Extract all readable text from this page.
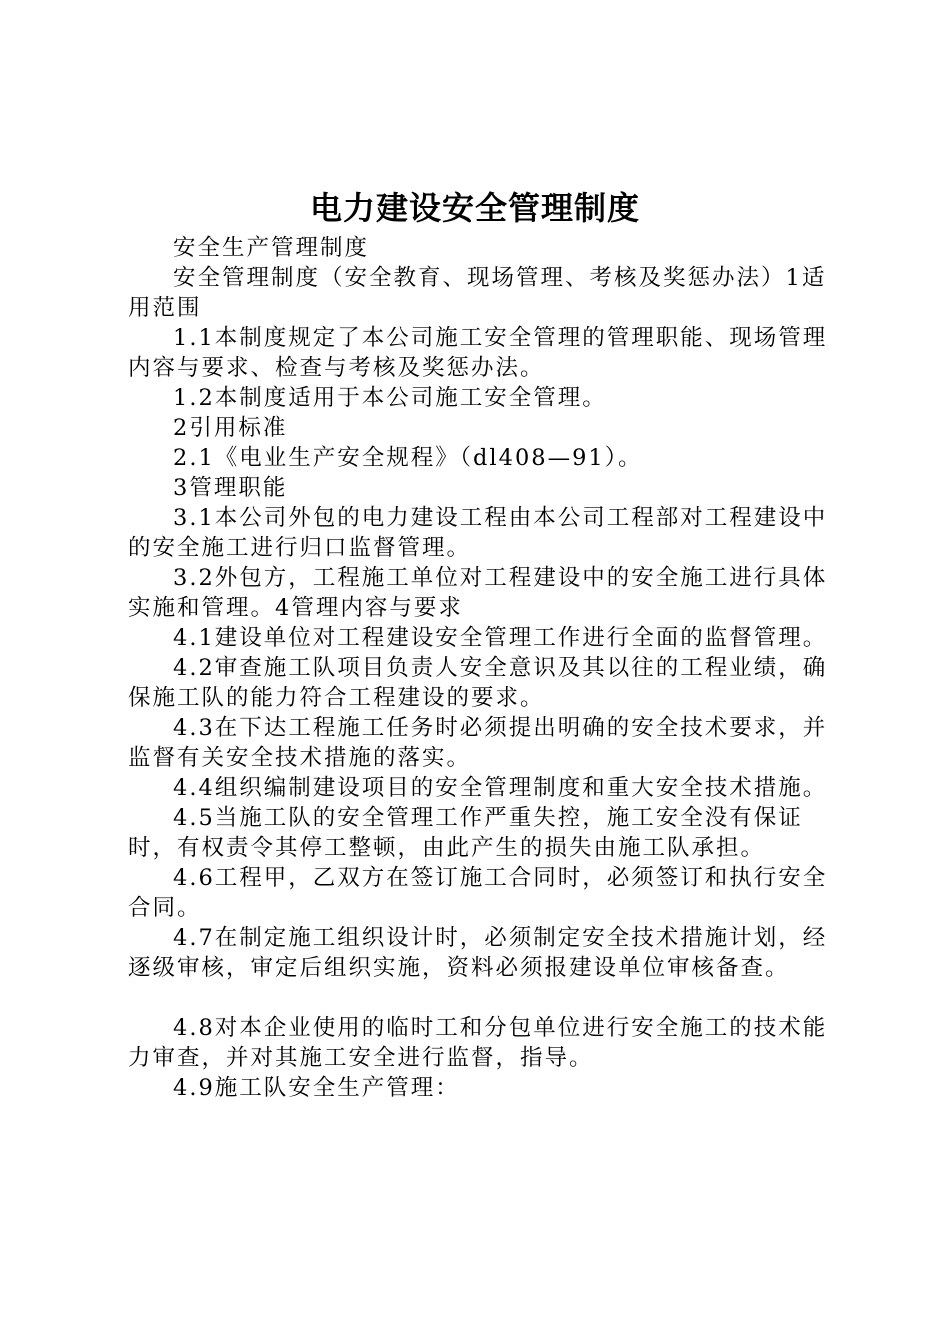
电力建设安全管理制度

安全生产管理制度

安全管理制度（安全教育、现场管理、考核及奖惩办法）1适用范围

1.1本制度规定了本公司施工安全管理的管理职能、现场管理内容与要求、检查与考核及奖惩办法。

1.2本制度适用于本公司施工安全管理。

2引用标准

2.1《电业生产安全规程》（dl408—91）。

3管理职能

3.1本公司外包的电力建设工程由本公司工程部对工程建设中的安全施工进行归口监督管理。

3.2外包方，工程施工单位对工程建设中的安全施工进行具体实施和管理。4管理内容与要求

4.1建设单位对工程建设安全管理工作进行全面的监督管理。

4.2审查施工队项目负责人安全意识及其以往的工程业绩，确保施工队的能力符合工程建设的要求。

4.3在下达工程施工任务时必须提出明确的安全技术要求，并监督有关安全技术措施的落实。

4.4组织编制建设项目的安全管理制度和重大安全技术措施。

4.5当施工队的安全管理工作严重失控，施工安全没有保证时，有权责令其停工整顿，由此产生的损失由施工队承担。

4.6工程甲，乙双方在签订施工合同时，必须签订和执行安全合同。

4.7在制定施工组织设计时，必须制定安全技术措施计划，经逐级审核，审定后组织实施，资料必须报建设单位审核备查。

4.8对本企业使用的临时工和分包单位进行安全施工的技术能力审查，并对其施工安全进行监督，指导。

4.9施工队安全生产管理：
